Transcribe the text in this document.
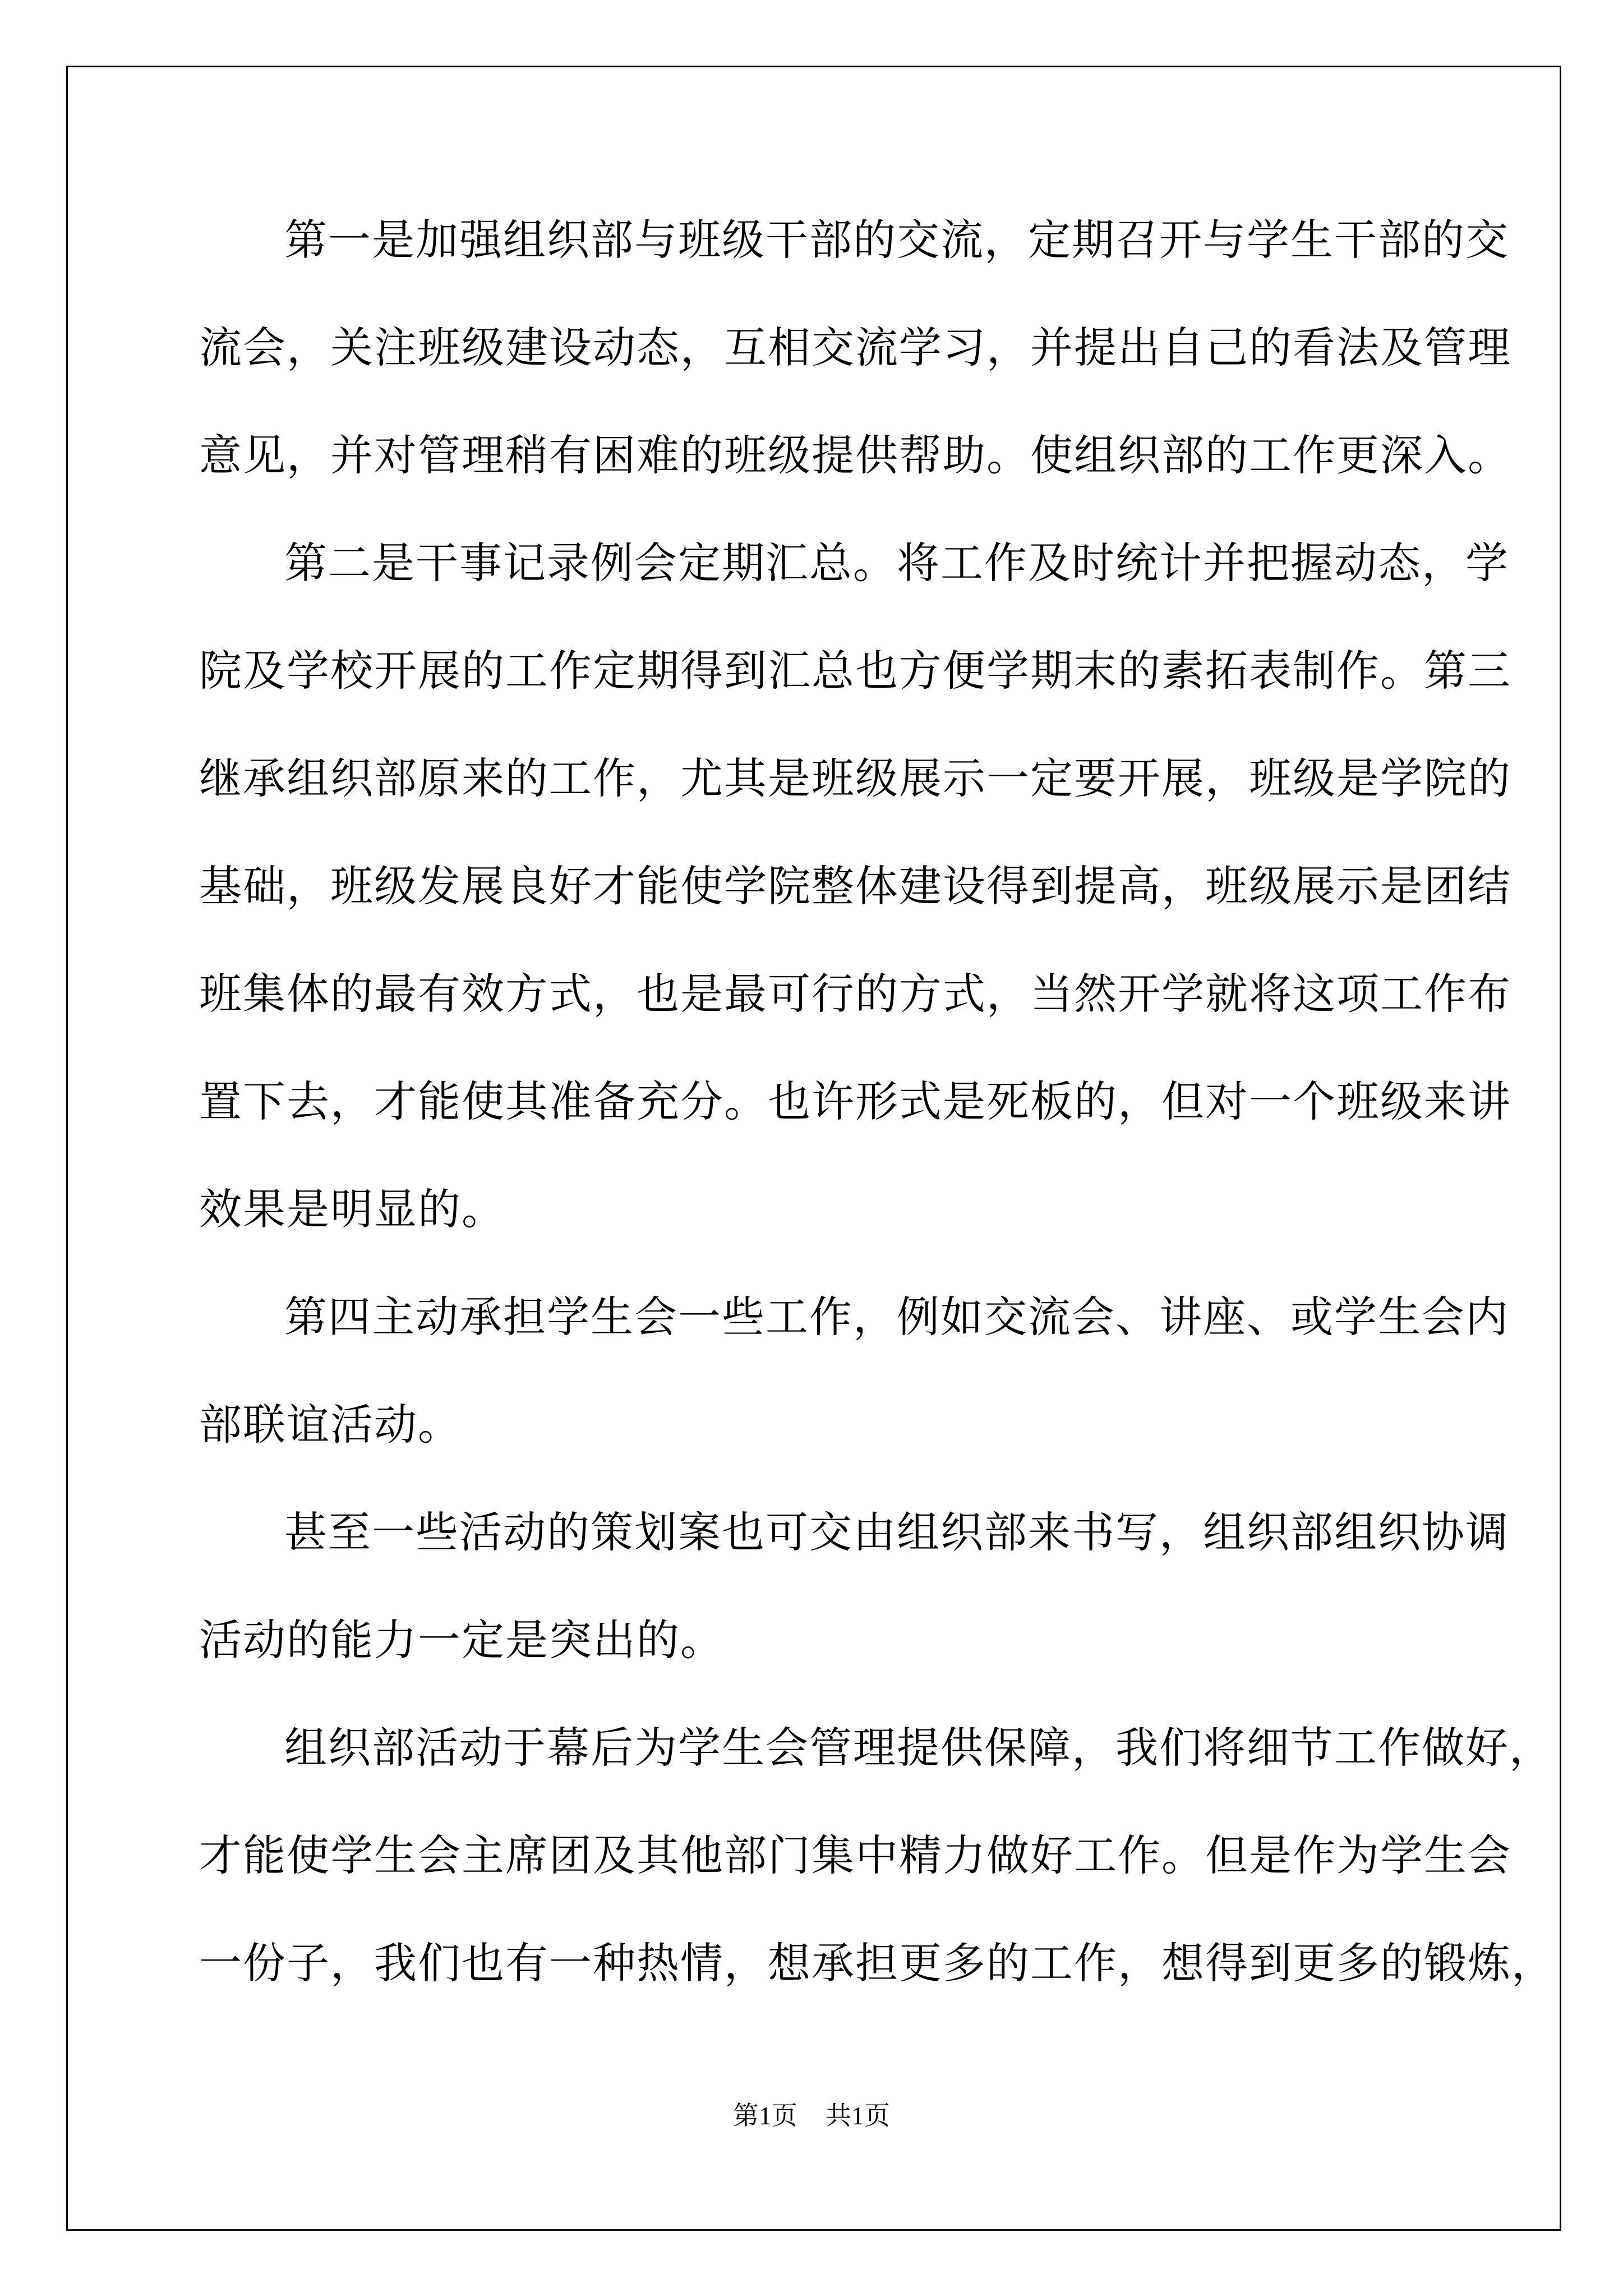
第一是加强组织部与班级干部的交流，定期召开与学生干部的交
流会，关注班级建设动态，互相交流学习，并提出自己的看法及管理
意见，并对管理稍有困难的班级提供帮助。使组织部的工作更深入。
第二是干事记录例会定期汇总。将工作及时统计并把握动态，学
院及学校开展的工作定期得到汇总也方便学期末的素拓表制作。第三
继承组织部原来的工作，尤其是班级展示一定要开展，班级是学院的
基础，班级发展良好才能使学院整体建设得到提高，班级展示是团结
班集体的最有效方式，也是最可行的方式，当然开学就将这项工作布
置下去，才能使其准备充分。也许形式是死板的，但对一个班级来讲
效果是明显的。
第四主动承担学生会一些工作，例如交流会、讲座、或学生会内
部联谊活动。
甚至一些活动的策划案也可交由组织部来书写，组织部组织协调
活动的能力一定是突出的。
组织部活动于幕后为学生会管理提供保障，我们将细节工作做好，
才能使学生会主席团及其他部门集中精力做好工作。但是作为学生会
一份子，我们也有一种热情，想承担更多的工作，想得到更多的锻炼，
第1页 共1页
